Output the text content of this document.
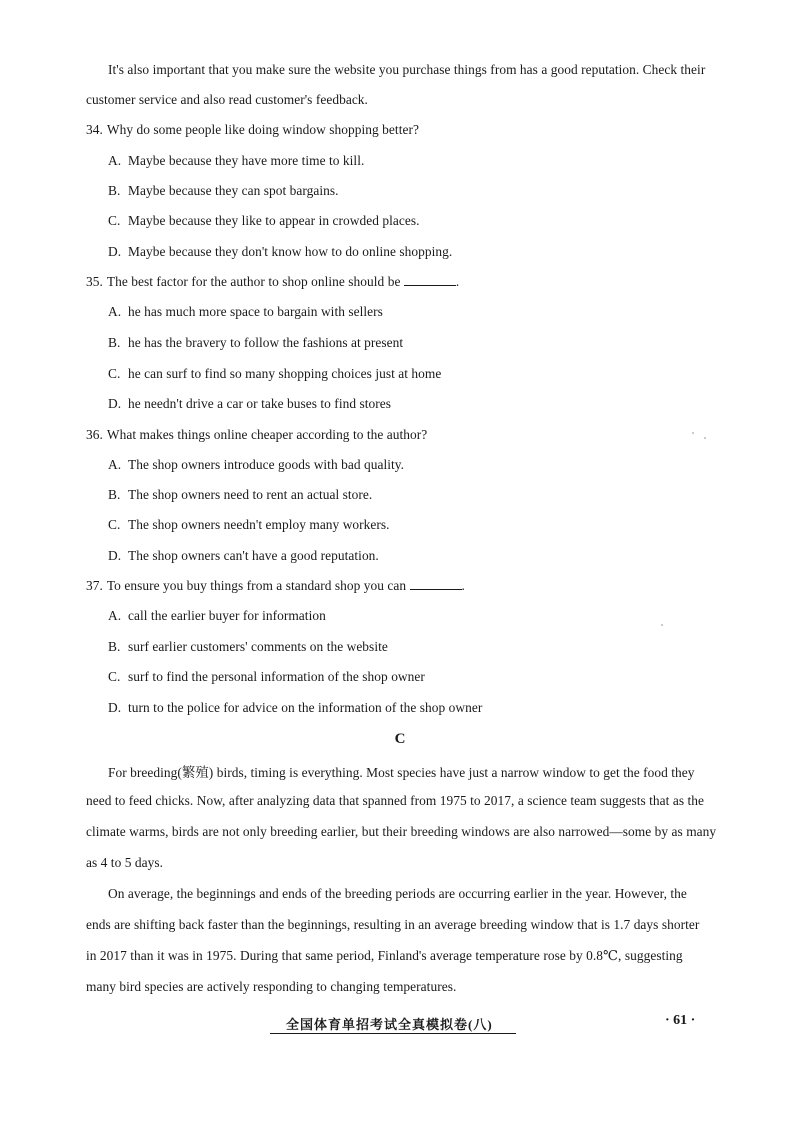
It's also important that you make sure the website you purchase things from has a good reputation. Check their
customer service and also read customer's feedback.
34. Why do some people like doing window shopping better?
A. Maybe because they have more time to kill.
B. Maybe because they can spot bargains.
C. Maybe because they like to appear in crowded places.
D. Maybe because they don't know how to do online shopping.
35. The best factor for the author to shop online should be	.
A. he has much more space to bargain with sellers
B. he has the bravery to follow the fashions at present
C. he can surf to find so many shopping choices just at home
D. he needn't drive a car or take buses to find stores
36. What makes things online cheaper according to the author?
A. The shop owners introduce goods with bad quality.
B. The shop owners need to rent an actual store.
C. The shop owners needn't employ many workers.
D. The shop owners can't have a good reputation.
37. To ensure you buy things from a standard shop you can	.
A. call the earlier buyer for information
B. surf earlier customers' comments on the website
C. surf to find the personal information of the shop owner
D. turn to the police for advice on the information of the shop owner
C
For breeding(繁殖) birds, timing is everything. Most species have just a narrow window to get the food they
need to feed chicks. Now, after analyzing data that spanned from 1975 to 2017, a science team suggests that as the
climate warms, birds are not only breeding earlier, but their breeding windows are also narrowed—some by as many
as 4 to 5 days.
On average, the beginnings and ends of the breeding periods are occurring earlier in the year. However, the
ends are shifting back faster than the beginnings, resulting in an average breeding window that is 1.7 days shorter
in 2017 than it was in 1975. During that same period, Finland's average temperature rose by 0.8℃, suggesting
many bird species are actively responding to changing temperatures.
全国体育单招考试全真模拟卷(八)	· 61 ·
